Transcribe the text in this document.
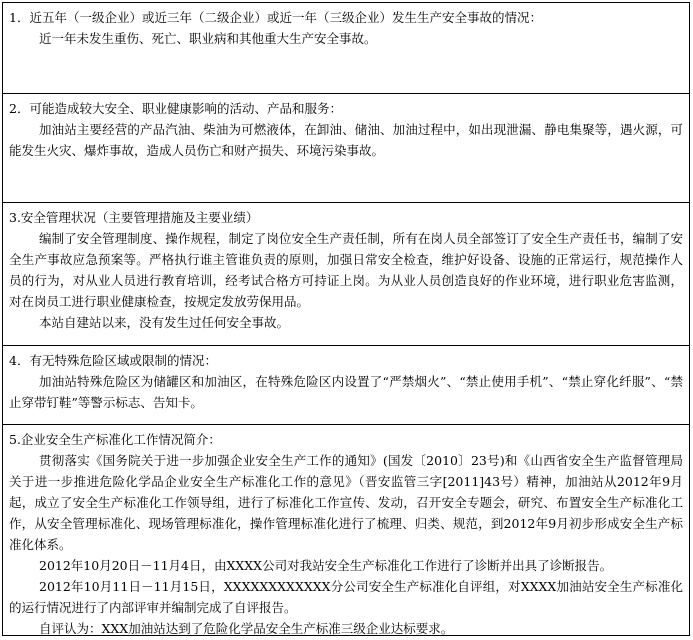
1．近五年（一级企业）或近三年（二级企业）或近一年（三级企业）发生生产安全事故的情况：

近一年未发生重伤、死亡、职业病和其他重大生产安全事故。

2．可能造成较大安全、职业健康影响的活动、产品和服务：

加油站主要经营的产品汽油、柴油为可燃液体，在卸油、储油、加油过程中，如出现泄漏、静电集聚等，遇火源，可能发生火灾、爆炸事故，造成人员伤亡和财产损失、环境污染事故。

3.安全管理状况（主要管理措施及主要业绩）

编制了安全管理制度、操作规程，制定了岗位安全生产责任制，所有在岗人员全部签订了安全生产责任书，编制了安全生产事故应急预案等。严格执行谁主管谁负责的原则，加强日常安全检查，维护好设备、设施的正常运行，规范操作人员的行为，对从业人员进行教育培训，经考试合格方可持证上岗。为从业人员创造良好的作业环境，进行职业危害监测，对在岗员工进行职业健康检查，按规定发放劳保用品。

本站自建站以来，没有发生过任何安全事故。

4．有无特殊危险区域或限制的情况：

加油站特殊危险区为储罐区和加油区，在特殊危险区内设置了“严禁烟火”、“禁止使用手机”、“禁止穿化纤服”、“禁止穿带钉鞋”等警示标志、告知卡。

5.企业安全生产标准化工作情况简介：

贯彻落实《国务院关于进一步加强企业安全生产工作的通知》(国发〔2010〕23号)和《山西省安全生产监督管理局关于进一步推进危险化学品企业安全生产标准化工作的意见》（晋安监管三字[2011]43号）精神，加油站从2012年9月起，成立了安全生产标准化工作领导组，进行了标准化工作宣传、发动，召开安全专题会，研究、布置安全生产标准化工作，从安全管理标准化、现场管理标准化，操作管理标准化进行了梳理、归类、规范，到2012年9月初步形成安全生产标准化体系。

2012年10月20日－11月4日，由XXXX公司对我站安全生产标准化工作进行了诊断并出具了诊断报告。

2012年10月11日－11月15日，XXXXXXXXXXXX分公司安全生产标准化自评组，对XXXX加油站安全生产标准化的运行情况进行了内部评审并编制完成了自评报告。

自评认为：XXX加油站达到了危险化学品安全生产标准三级企业达标要求。
